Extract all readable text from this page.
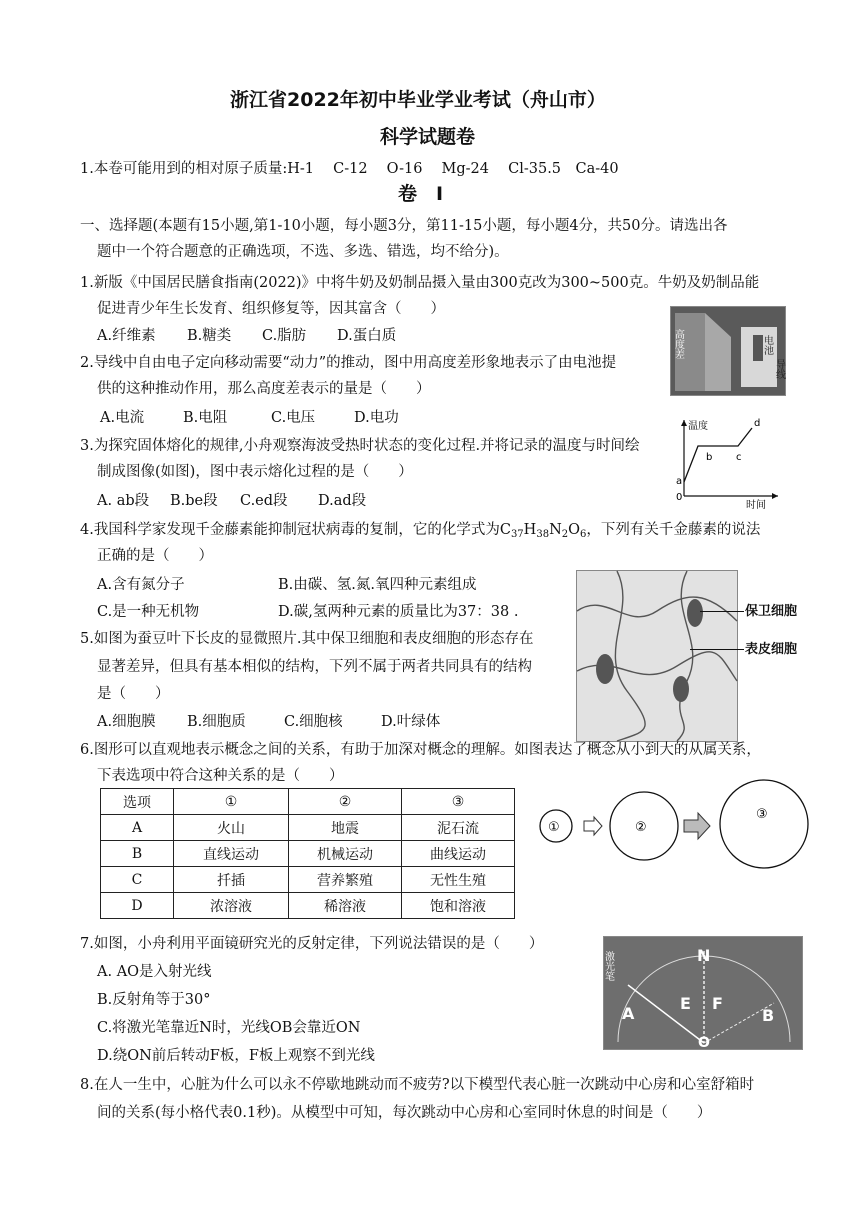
浙江省2022年初中毕业学业考试（舟山市）
科学试题卷
1.本卷可能用到的相对原子质量:H-1　 C-12　 O-16　 Mg-24　 Cl-35.5　Ca-40
卷　I
一、选择题(本题有15小题,第1-10小题，每小题3分，第11-15小题，每小题4分，共50分。请选出各
题中一个符合题意的正确选项，不选、多选、错选，均不给分)。
1.新版《中国居民膳食指南(2022)》中将牛奶及奶制品摄入量由300克改为300~500克。牛奶及奶制品能
促进青少年生长发育、组织修复等，因其富含（　　）
A.纤维素 B.糖类 C.脂肪 D.蛋白质	高度差	电池
导线
2.导线中自由电子定向移动需要“动力”的推动，图中用高度差形象地表示了由电池提
供的这种推动作用，那么高度差表示的量是（　　）
A.电流	B.电阻	C.电压	D.电功
温度
时间
0
a
b c
d
3.为探究固体熔化的规律,小舟观察海波受热时状态的变化过程.并将记录的温度与时间绘
制成图像(如图)，图中表示熔化过程的是（　　）
A. ab段 B.be段 C.ed段 D.ad段
4.我国科学家发现千金藤素能抑制冠状病毒的复制，它的化学式为$C_{37}H_{38}N_2O_6$，下列有关千金藤素的说法
正确的是（　　）
A.含有氮分子	B.由碳、氢.氮.氧四种元素组成
C.是一种无机物	D.碳,氢两种元素的质量比为37：38 .	保卫细胞
表皮细胞
5.如图为蚕豆叶下长皮的显微照片.其中保卫细胞和表皮细胞的形态存在
显著差异，但具有基本相似的结构，下列不属于两者共同具有的结构
是（　　）
A.细胞膜 B.细胞质	C.细胞核	D.叶绿体
6.图形可以直观地表示概念之间的关系，有助于加深对概念的理解。如图表达了概念从小到大的从属关系，
下表选项中符合这种关系的是（　　）
选项	①	②	③
A	火山	地震	泥石流
B	直线运动	机械运动	曲线运动
C	扦插	营养繁殖	无性生殖
D	浓溶液	稀溶液	饱和溶液
①	②
③
激光笔	N
E F
A	B
O
7.如图，小舟利用平面镜研究光的反射定律，下列说法错误的是（　　）
A. AO是入射光线
B.反射角等于30°
C.将激光笔靠近N时，光线OB会靠近ON
D.绕ON前后转动F板，F板上观察不到光线
8.在人一生中，心脏为什么可以永不停歇地跳动而不疲劳?以下模型代表心脏一次跳动中心房和心室舒箱时
间的关系(每小格代表0.1秒)。从模型中可知，每次跳动中心房和心室同时休息的时间是（　　）
